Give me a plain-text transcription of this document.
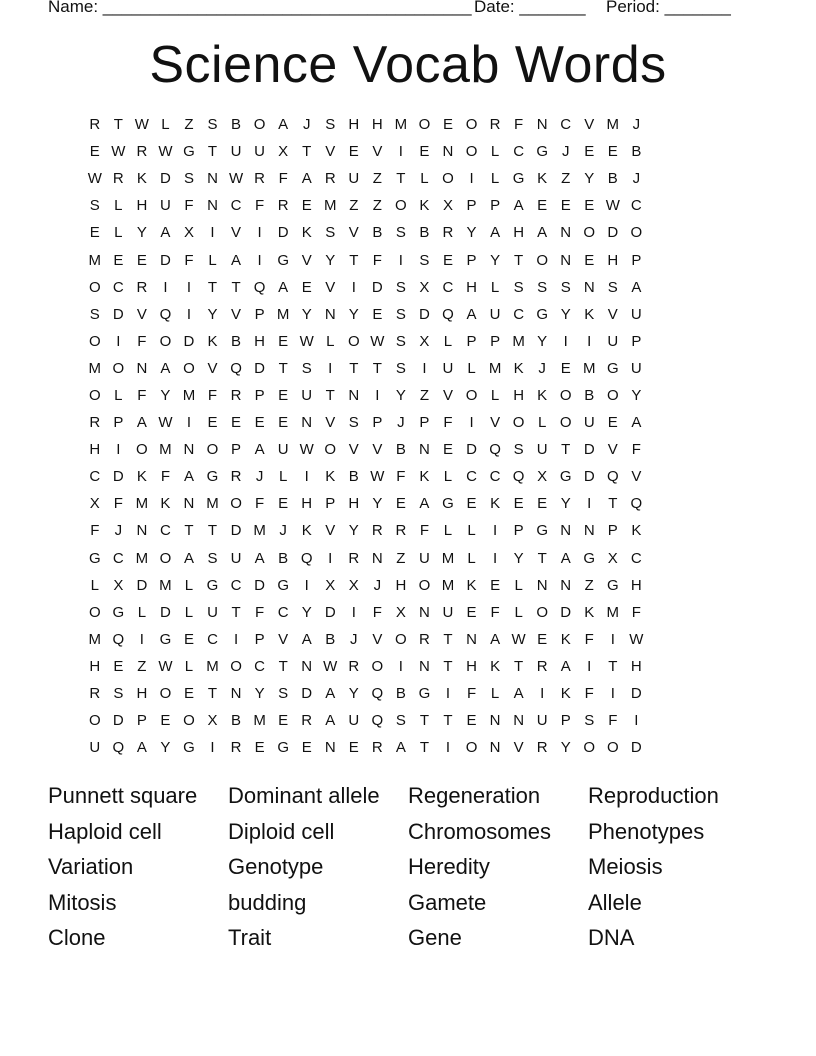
Name: _______________________________________ Date: _______ Period: _______
Science Vocab Words
R T W L Z S B O A J S H H M O E O R F N C V M J
E W R W G T U U X T V E V	I	E N O L C G J E E B
W R K D S N W R F A R U Z T L O	I	L G K Z Y B J
S L H U F N C F R E M Z Z O K X P P A E E E W C
E L Y A X	I	V	I	D K S V B S B R Y A H A N O D O
M E E D F L A	I	G V Y T F	I	S E P Y T O N E H P
O C R	I	I	T T Q A E V	I	D S X C H L S S S N S A
S D V Q	I	Y V P M Y N Y E S D Q A U C G Y K V U
O	I	F O D K B H E W L O W S X L P P M Y	I	I	U P
M O N A O V Q D T S	I	T T S	I	U L M K J E M G U
O L F Y M F R P E U T N	I	Y Z V O L H K O B O Y
R P A W I	E E E E N V S P J P F	I	V O L O U E A
H	I	O M N O P A U W O V V B N E D Q S U T D V F
C D K F A G R J	L	I	K B W F K L C C Q X G D Q V
X F M K N M O F E H P H Y E A G E K E E Y	I	T Q
F	J N C T T D M J K V Y R R F L	L	I	P G N N P K
G C M O A S U A B Q	I	R N Z U M L	I	Y T A G X C
L X D M L G C D G	I	X X J H O M K E L N N Z G H
O G L D L U T F C Y D	I	F X N U E F L O D K M F
M Q	I	G E C	I	P V A B J V O R T N A W E K F	I W
H E Z W L M O C T N W R O	I	N T H K T R A	I	T H
R S H O E T N Y S D A Y Q B G	I	F L A	I	K F	I	D
O D P E O X B M E R A U Q S T T E N N U P S F	I
U Q A Y G	I	R E G E N E R A T	I	O N V R Y O O D
Punnett square	Dominant allele	Regeneration	Reproduction
Haploid cell	Diploid cell	Chromosomes	Phenotypes
Variation	Genotype	Heredity	Meiosis
Mitosis	budding	Gamete	Allele
Clone	Trait	Gene	DNA
